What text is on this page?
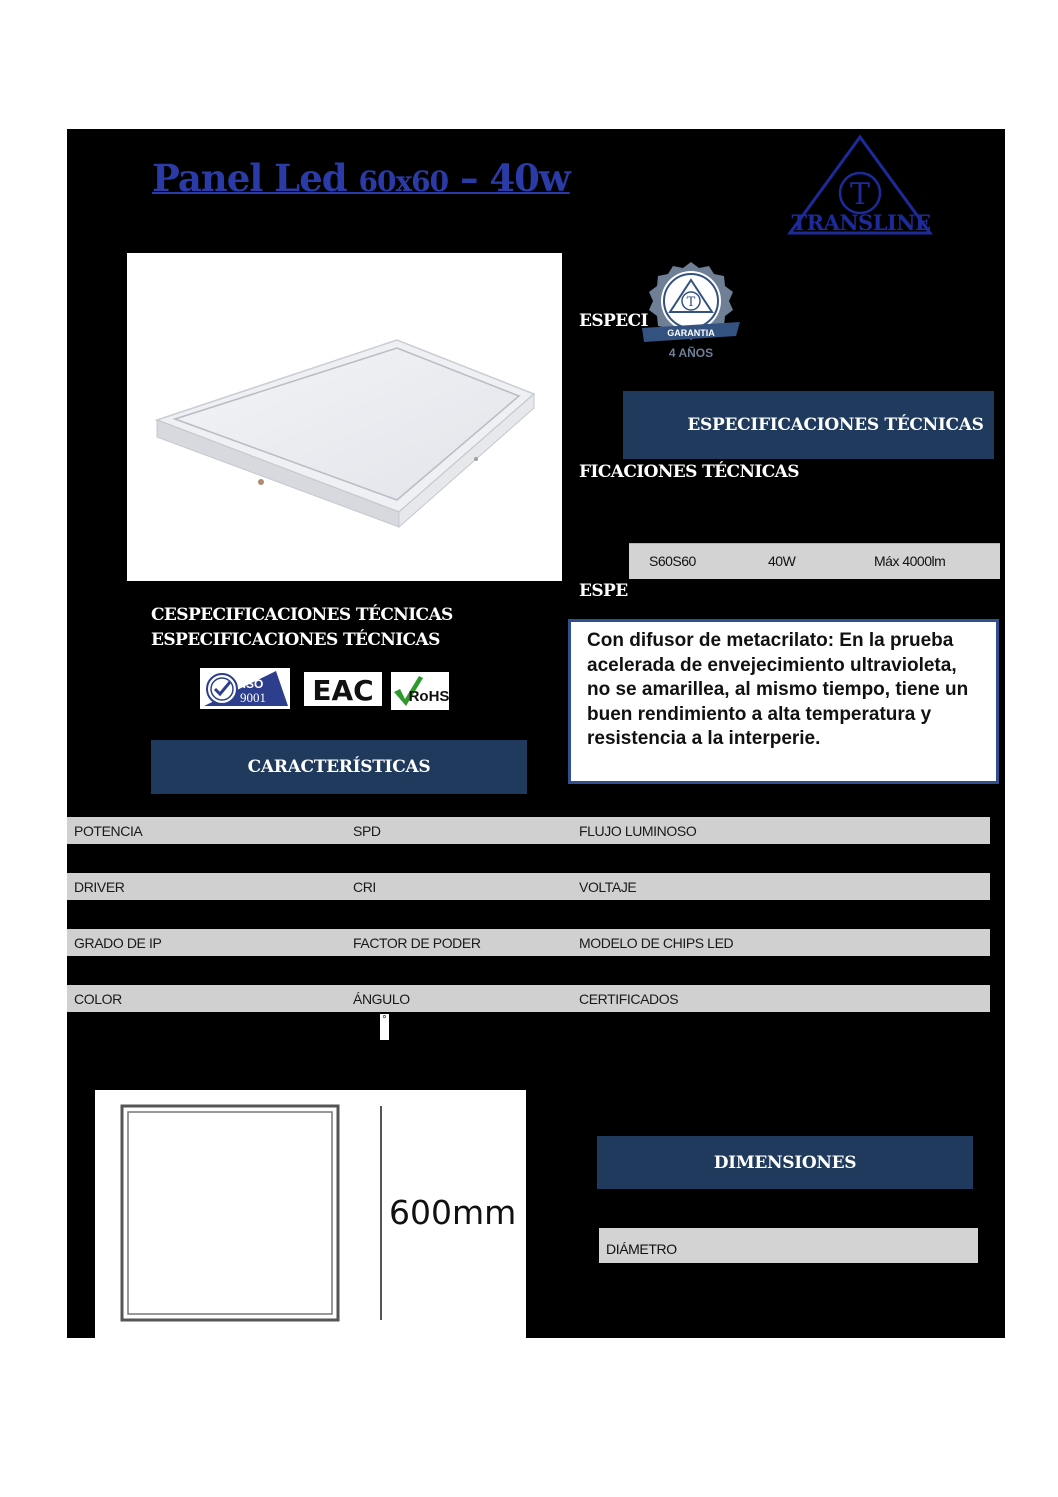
Panel Led 60x60 – 40w	T
TRANSLINE
ESPECI
T
GARANTIA
4 AÑOS
ESPECIFICACIONES TÉCNICAS
FICACIONES TÉCNICAS
S60S60	40W	Máx 4000lm
ESPE
CESPECIFICACIONES TÉCNICAS
ESPECIFICACIONES TÉCNICAS	Con difusor de metacrilato: En la prueba acelerada de envejecimiento ultravioleta, no se amarillea, al mismo tiempo, tiene un buen rendimiento a alta temperatura y resistencia a la interperie.
ISO
9001 EAC RoHS
CARACTERÍSTICAS
POTENCIA	SPD	FLUJO LUMINOSO
DRIVER	CRI	VOLTAJE
GRADO DE IP	FACTOR DE PODER	MODELO DE CHIPS LED
COLOR	ÁNGULO	CERTIFICADOS
°
600mm
DIMENSIONES
DIÁMETRO
